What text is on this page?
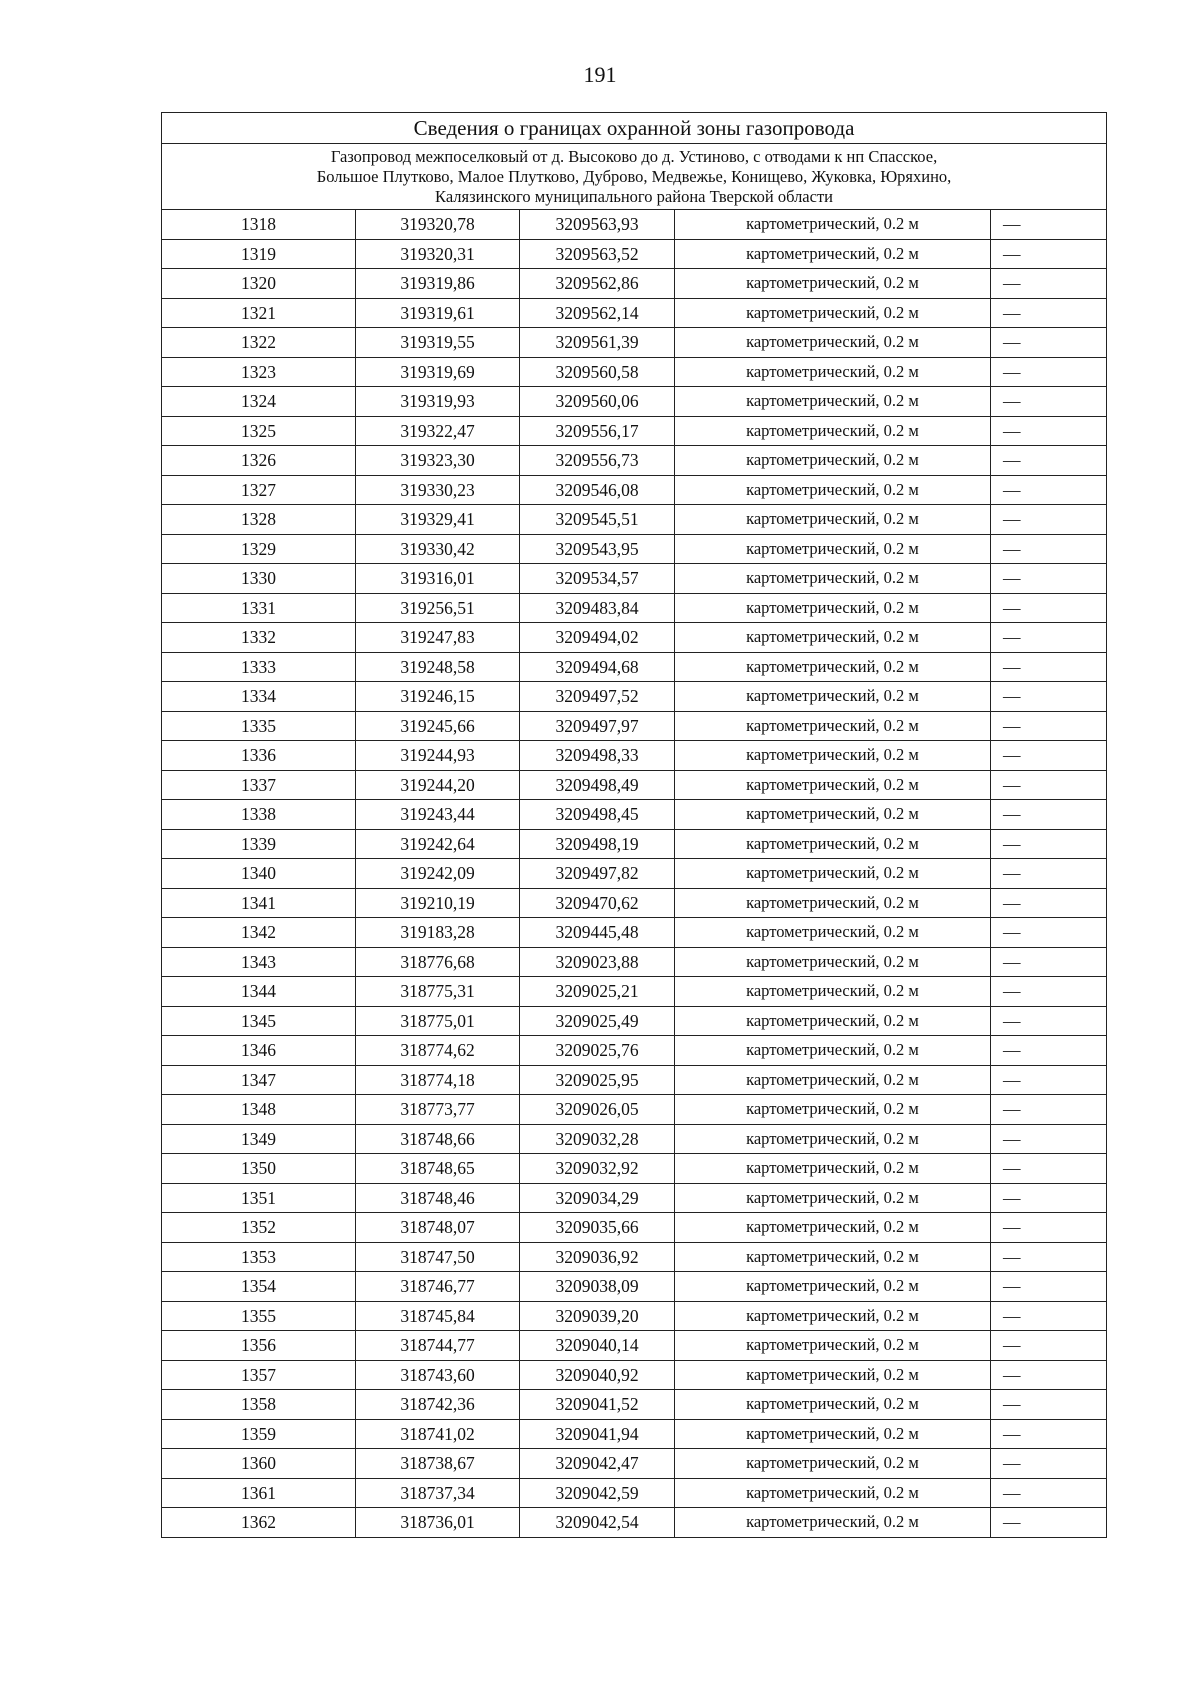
191
Сведения о границах охранной зоны газопровода				

Газопровод межпоселковый от д. Высоково до д. Устиново, с отводами к нп Спасское,
Большое Плутково, Малое Плутково, Дуброво, Медвежье, Конищево, Жуковка, Юряхино,
Калязинского муниципального района Тверской области				

1318	319320,78	3209563,93	картометрический, 0.2 м	—
1319	319320,31	3209563,52	картометрический, 0.2 м	—
1320	319319,86	3209562,86	картометрический, 0.2 м	—
1321	319319,61	3209562,14	картометрический, 0.2 м	—
1322	319319,55	3209561,39	картометрический, 0.2 м	—
1323	319319,69	3209560,58	картометрический, 0.2 м	—
1324	319319,93	3209560,06	картометрический, 0.2 м	—
1325	319322,47	3209556,17	картометрический, 0.2 м	—
1326	319323,30	3209556,73	картометрический, 0.2 м	—
1327	319330,23	3209546,08	картометрический, 0.2 м	—
1328	319329,41	3209545,51	картометрический, 0.2 м	—
1329	319330,42	3209543,95	картометрический, 0.2 м	—
1330	319316,01	3209534,57	картометрический, 0.2 м	—
1331	319256,51	3209483,84	картометрический, 0.2 м	—
1332	319247,83	3209494,02	картометрический, 0.2 м	—
1333	319248,58	3209494,68	картометрический, 0.2 м	—
1334	319246,15	3209497,52	картометрический, 0.2 м	—
1335	319245,66	3209497,97	картометрический, 0.2 м	—
1336	319244,93	3209498,33	картометрический, 0.2 м	—
1337	319244,20	3209498,49	картометрический, 0.2 м	—
1338	319243,44	3209498,45	картометрический, 0.2 м	—
1339	319242,64	3209498,19	картометрический, 0.2 м	—
1340	319242,09	3209497,82	картометрический, 0.2 м	—
1341	319210,19	3209470,62	картометрический, 0.2 м	—
1342	319183,28	3209445,48	картометрический, 0.2 м	—
1343	318776,68	3209023,88	картометрический, 0.2 м	—
1344	318775,31	3209025,21	картометрический, 0.2 м	—
1345	318775,01	3209025,49	картометрический, 0.2 м	—
1346	318774,62	3209025,76	картометрический, 0.2 м	—
1347	318774,18	3209025,95	картометрический, 0.2 м	—
1348	318773,77	3209026,05	картометрический, 0.2 м	—
1349	318748,66	3209032,28	картометрический, 0.2 м	—
1350	318748,65	3209032,92	картометрический, 0.2 м	—
1351	318748,46	3209034,29	картометрический, 0.2 м	—
1352	318748,07	3209035,66	картометрический, 0.2 м	—
1353	318747,50	3209036,92	картометрический, 0.2 м	—
1354	318746,77	3209038,09	картометрический, 0.2 м	—
1355	318745,84	3209039,20	картометрический, 0.2 м	—
1356	318744,77	3209040,14	картометрический, 0.2 м	—
1357	318743,60	3209040,92	картометрический, 0.2 м	—
1358	318742,36	3209041,52	картометрический, 0.2 м	—
1359	318741,02	3209041,94	картометрический, 0.2 м	—
1360	318738,67	3209042,47	картометрический, 0.2 м	—
1361	318737,34	3209042,59	картометрический, 0.2 м	—
1362	318736,01	3209042,54	картометрический, 0.2 м	—
